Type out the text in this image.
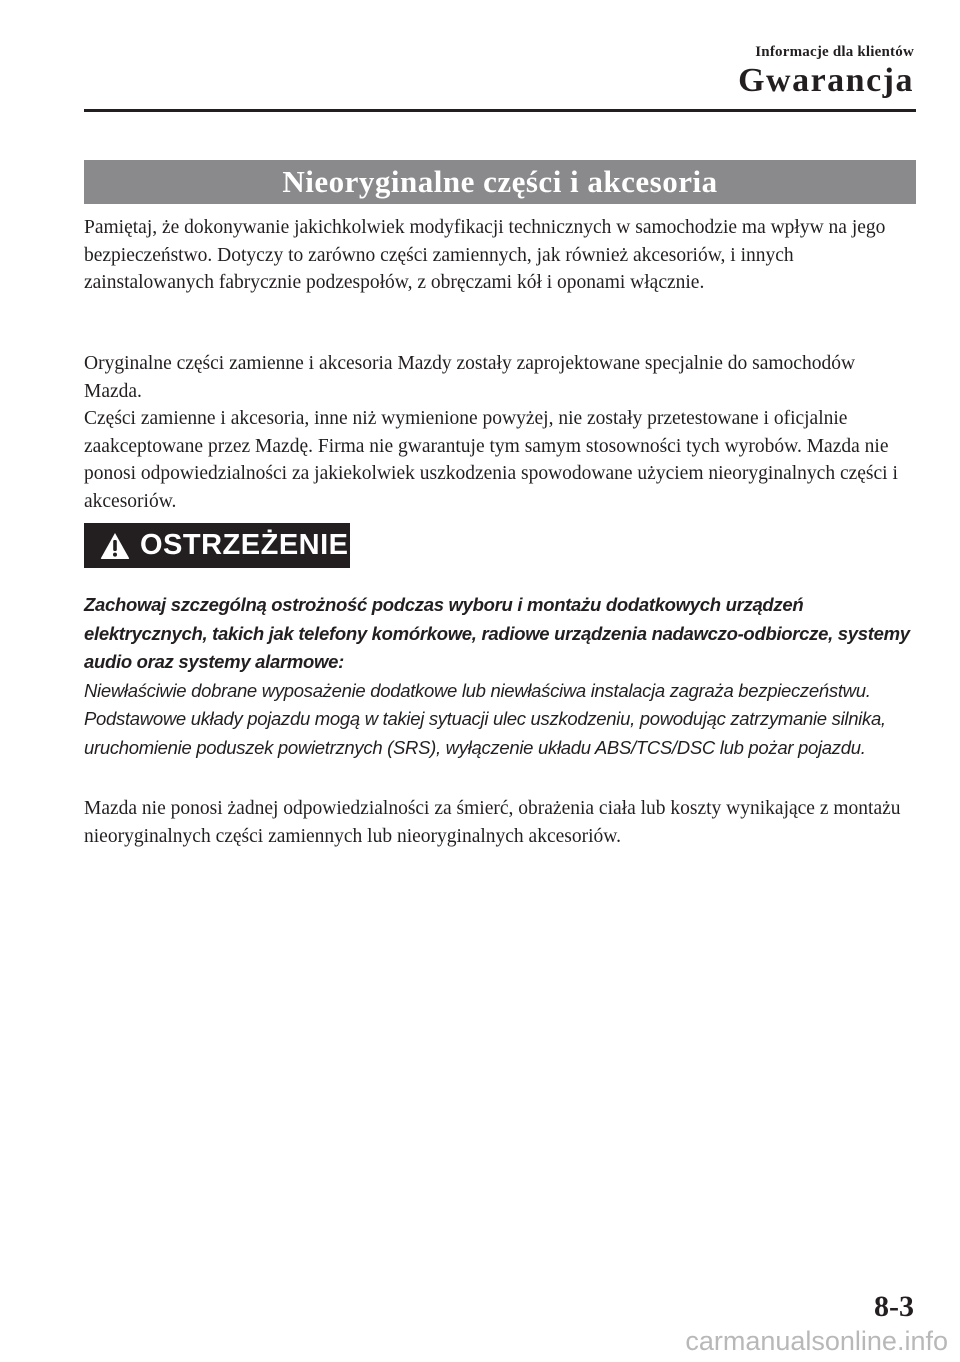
Informacje dla klientów
Gwarancja
Nieoryginalne części i akcesoria

Pamiętaj, że dokonywanie jakichkolwiek modyfikacji technicznych w samochodzie ma wpływ na jego bezpieczeństwo. Dotyczy to zarówno części zamiennych, jak również akcesoriów, i innych zainstalowanych fabrycznie podzespołów, z obręczami kół i oponami włącznie.

Oryginalne części zamienne i akcesoria Mazdy zostały zaprojektowane specjalnie do samochodów Mazda.

Części zamienne i akcesoria, inne niż wymienione powyżej, nie zostały przetestowane i oficjalnie zaakceptowane przez Mazdę. Firma nie gwarantuje tym samym stosowności tych wyrobów. Mazda nie ponosi odpowiedzialności za jakiekolwiek uszkodzenia spowodowane użyciem nieoryginalnych części i akcesoriów.

OSTRZEŻENIE

Zachowaj szczególną ostrożność podczas wyboru i montażu dodatkowych urządzeń elektrycznych, takich jak telefony komórkowe, radiowe urządzenia nadawczo-odbiorcze, systemy audio oraz systemy alarmowe:
Niewłaściwie dobrane wyposażenie dodatkowe lub niewłaściwa instalacja zagraża bezpieczeństwu. Podstawowe układy pojazdu mogą w takiej sytuacji ulec uszkodzeniu, powodując zatrzymanie silnika, uruchomienie poduszek powietrznych (SRS), wyłączenie układu ABS/TCS/DSC lub pożar pojazdu.

Mazda nie ponosi żadnej odpowiedzialności za śmierć, obrażenia ciała lub koszty wynikające z montażu nieoryginalnych części zamiennych lub nieoryginalnych akcesoriów.

8-3
carmanualsonline.info
